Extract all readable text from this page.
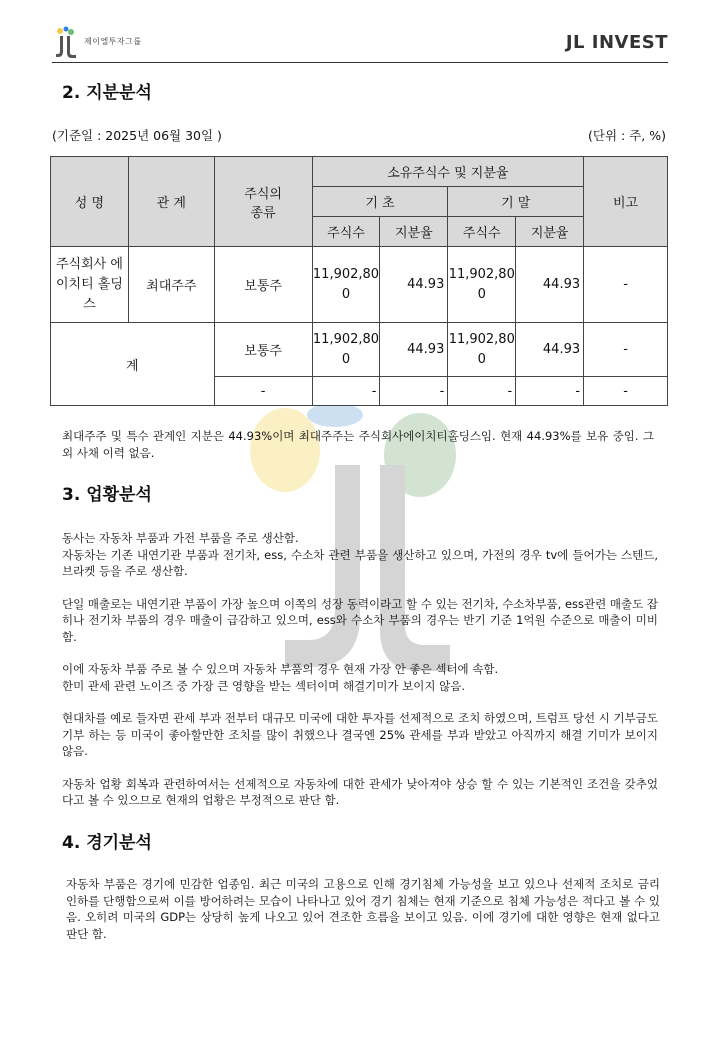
제이엘투자그룹	JL INVEST
2. 지분분석
(기준일 : 2025년 06월 30일 )	(단위 : 주, %)
성 명	관 계	주식의 종류	소유주식수 및 지분율				비고
			기 초		기 말		
			주식수	지분율	주식수	지분율	
주식회사 에이치티 홀딩스	최대주주	보통주	11,902,800	44.93	11,902,800	44.93	-
계		보통주	11,902,800	44.93	11,902,800	44.93	-
		-	-	-	-	-	-

최대주주 및 특수 관계인 지분은 44.93%이며 최대주주는 주식회사에이치티홀딩스임. 현재 44.93%를 보유 중임. 그 외 사채 이력 없음.

3. 업황분석

동사는 자동차 부품과 가전 부품을 주로 생산함.

자동차는 기존 내연기관 부품과 전기차, ess, 수소차 관련 부품을 생산하고 있으며, 가전의 경우 tv에 들어가는 스텐드, 브라켓 등을 주로 생산함.

단일 매출로는 내연기관 부품이 가장 높으며 이쪽의 성장 동력이라고 할 수 있는 전기차, 수소차부품, ess관련 매출도 잡히나 전기차 부품의 경우 매출이 급감하고 있으며, ess와 수소차 부품의 경우는 반기 기준 1억원 수준으로 매출이 미비함.

이에 자동차 부품 주로 볼 수 있으며 자동차 부품의 경우 현재 가장 안 좋은 섹터에 속함.

한미 관세 관련 노이즈 중 가장 큰 영향을 받는 섹터이며 해결기미가 보이지 않음.

현대차를 예로 들자면 관세 부과 전부터 대규모 미국에 대한 투자를 선제적으로 조치 하였으며, 트럼프 당선 시 기부금도 기부 하는 등 미국이 좋아할만한 조치를 많이 취했으나 결국엔 25% 관세를 부과 받았고 아직까지 해결 기미가 보이지 않음.

자동차 업황 회복과 관련하여서는 선제적으로 자동차에 대한 관세가 낮아져야 상승 할 수 있는 기본적인 조건을 갖추었다고 볼 수 있으므로 현재의 업황은 부정적으로 판단 함.

4. 경기분석

자동차 부품은 경기에 민감한 업종임. 최근 미국의 고용으로 인해 경기침체 가능성을 보고 있으나 선제적 조치로 금리 인하를 단행함으로써 이를 방어하려는 모습이 나타나고 있어 경기 침체는 현재 기준으로 침체 가능성은 적다고 볼 수 있음. 오히려 미국의 GDP는 상당히 높게 나오고 있어 견조한 흐름을 보이고 있음. 이에 경기에 대한 영향은 현재 없다고 판단 함.
